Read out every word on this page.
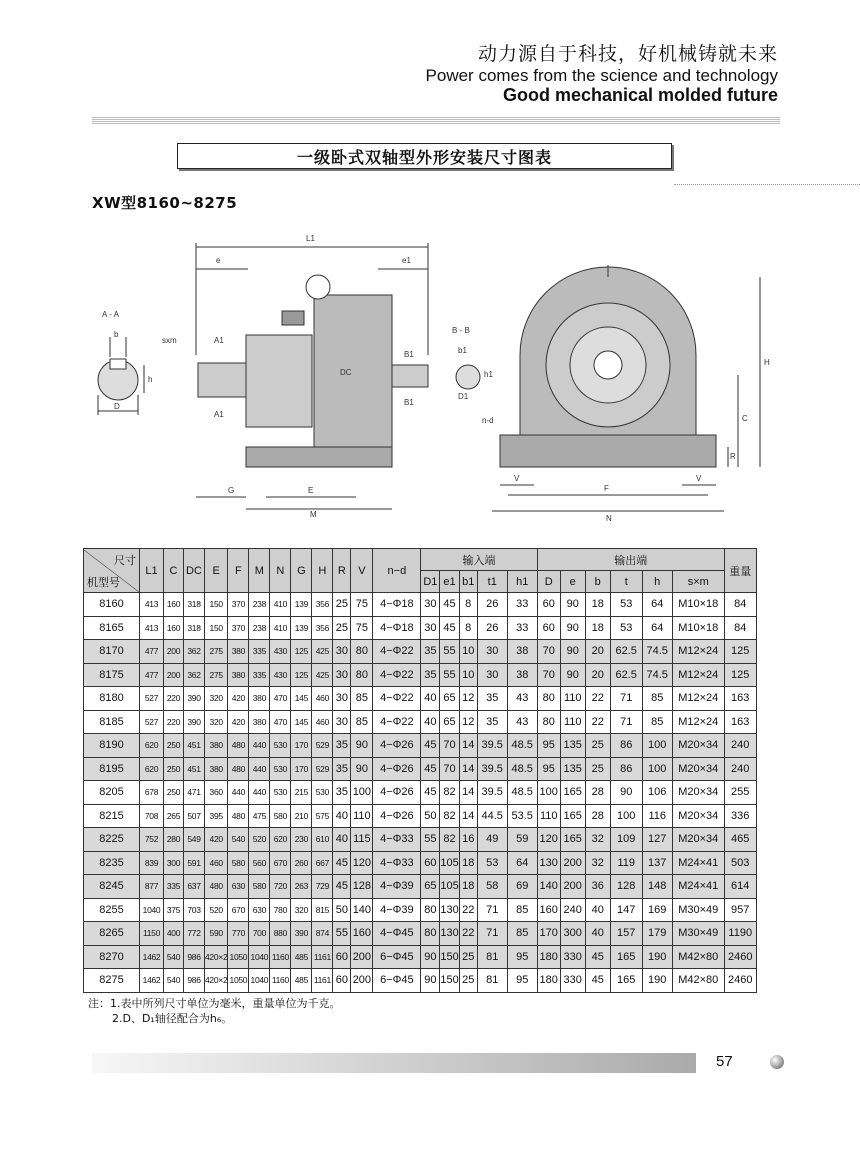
动力源自于科技，好机械铸就未来
Power comes from the science and technology
Good mechanical molded future
一级卧式双轴型外形安装尺寸图表
XW型8160~8275
A - A
b
h
D
L1
e	e1
sxm	A1
A1
B1
B1
DC
G	E
M
B - B
b1
h1
D1
n-d
V	V
F
N
H
C
R
尺寸
机型号	L1	C	DC	E	F	M	N	G	H	R	V	n−d	输入端					输出端						重量
													D1	e1	b1	t1	h1	D	e	b	t	h	s×m	
8160	413	160	318	150	370	238	410	139	356	25	75	4−Φ18	30	45	8	26	33	60	90	18	53	64	M10×18	84
8165	413	160	318	150	370	238	410	139	356	25	75	4−Φ18	30	45	8	26	33	60	90	18	53	64	M10×18	84
8170	477	200	362	275	380	335	430	125	425	30	80	4−Φ22	35	55	10	30	38	70	90	20	62.5	74.5	M12×24	125
8175	477	200	362	275	380	335	430	125	425	30	80	4−Φ22	35	55	10	30	38	70	90	20	62.5	74.5	M12×24	125
8180	527	220	390	320	420	380	470	145	460	30	85	4−Φ22	40	65	12	35	43	80	110	22	71	85	M12×24	163
8185	527	220	390	320	420	380	470	145	460	30	85	4−Φ22	40	65	12	35	43	80	110	22	71	85	M12×24	163
8190	620	250	451	380	480	440	530	170	529	35	90	4−Φ26	45	70	14	39.5	48.5	95	135	25	86	100	M20×34	240
8195	620	250	451	380	480	440	530	170	529	35	90	4−Φ26	45	70	14	39.5	48.5	95	135	25	86	100	M20×34	240
8205	678	250	471	360	440	440	530	215	530	35	100	4−Φ26	45	82	14	39.5	48.5	100	165	28	90	106	M20×34	255
8215	708	265	507	395	480	475	580	210	575	40	110	4−Φ26	50	82	14	44.5	53.5	110	165	28	100	116	M20×34	336
8225	752	280	549	420	540	520	620	230	610	40	115	4−Φ33	55	82	16	49	59	120	165	32	109	127	M20×34	465
8235	839	300	591	460	580	560	670	260	667	45	120	4−Φ33	60	105	18	53	64	130	200	32	119	137	M24×41	503
8245	877	335	637	480	630	580	720	263	729	45	128	4−Φ39	65	105	18	58	69	140	200	36	128	148	M24×41	614
8255	1040	375	703	520	670	630	780	320	815	50	140	4−Φ39	80	130	22	71	85	160	240	40	147	169	M30×49	957
8265	1150	400	772	590	770	700	880	390	874	55	160	4−Φ45	80	130	22	71	85	170	300	40	157	179	M30×49	1190
8270	1462	540	986	420×2	1050	1040	1160	485	1161	60	200	6−Φ45	90	150	25	81	95	180	330	45	165	190	M42×80	2460
8275	1462	540	986	420×2	1050	1040	1160	485	1161	60	200	6−Φ45	90	150	25	81	95	180	330	45	165	190	M42×80	2460
注：1.表中所列尺寸单位为毫米，重量单位为千克。
2.D、D₁轴径配合为h₆。
57
